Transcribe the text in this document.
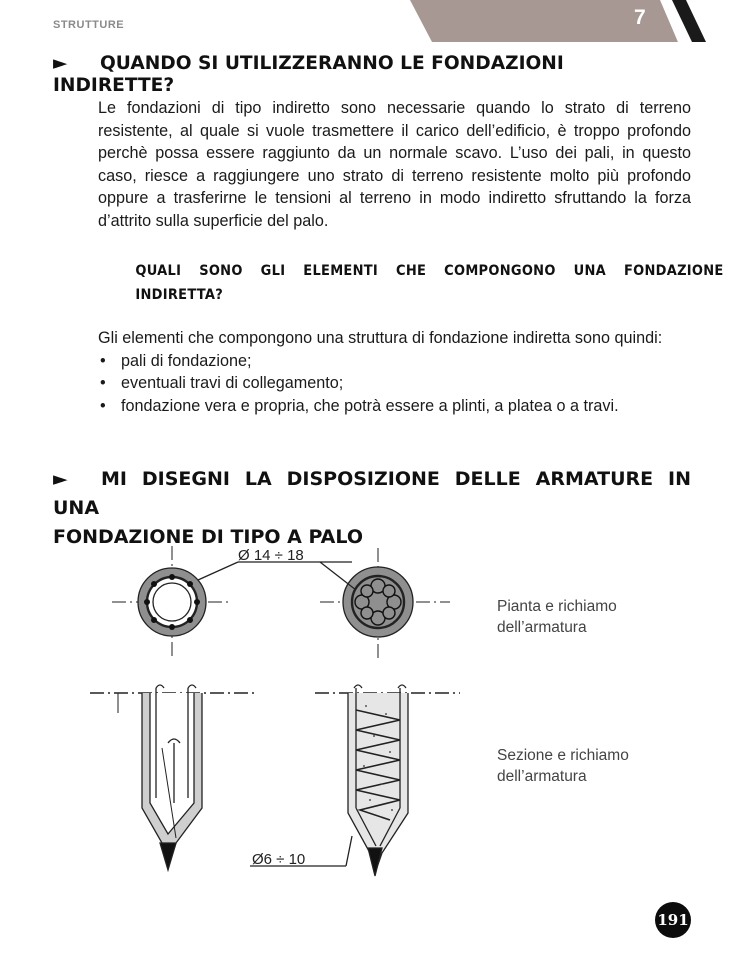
STRUTTURE	7
► QUANDO SI UTILIZZERANNO LE FONDAZIONI INDIRETTE?
Le fondazioni di tipo indiretto sono necessarie quando lo strato di terreno resistente, al quale si vuole trasmettere il carico dell’edificio, è troppo profondo perchè possa essere raggiunto da un normale scavo. L’uso dei pali, in questo caso, riesce a raggiungere uno strato di terreno resistente molto più profondo oppure a trasferirne le tensioni al terreno in modo indiretto sfruttando la forza d’attrito sulla superficie del palo.
QUALI SONO GLI ELEMENTI CHE COMPONGONO UNA FONDAZIONE INDIRETTA?
Gli elementi che compongono una struttura di fondazione indiretta sono quindi:
• pali di fondazione;
• eventuali travi di collegamento;
• fondazione vera e propria, che potrà essere a plinti, a platea o a travi.
► MI DISEGNI LA DISPOSIZIONE DELLE ARMATURE IN UNA
FONDAZIONE DI TIPO A PALO
Ø 14 ÷ 18
Ø6 ÷ 10
Pianta e richiamo
dell’armatura
Sezione e richiamo
dell’armatura
191
